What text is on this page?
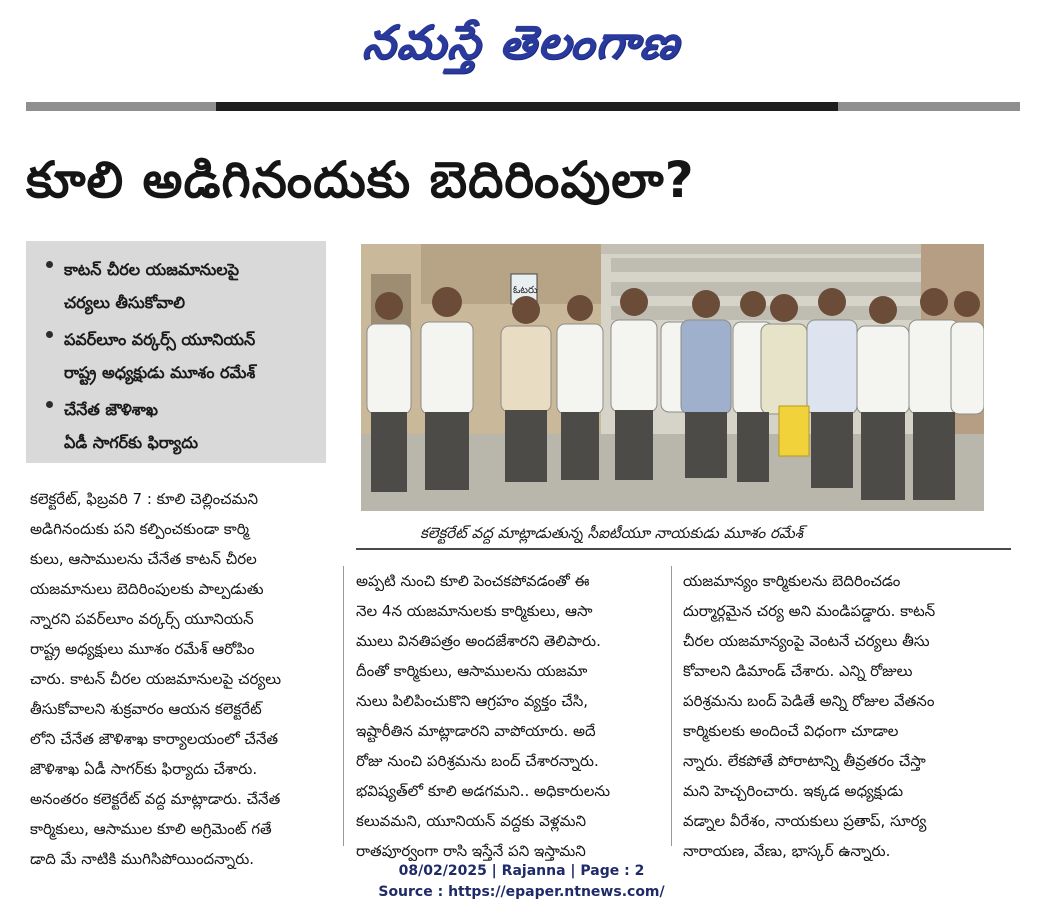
నమస్తే తెలంగాణ
కూలి అడిగినందుకు బెదిరింపులా?
కాటన్ చీరల యజమానులపై
చర్యలు తీసుకోవాలి
పవర్‌లూం వర్కర్స్ యూనియన్
రాష్ట్ర అధ్యక్షుడు మూశం రమేశ్
చేనేత జౌళిశాఖ
ఏడీ సాగర్‌కు ఫిర్యాదు
ఓటరు
కలెక్టరేట్ వద్ద మాట్లాడుతున్న సీఐటీయూ నాయకుడు మూశం రమేశ్
కలెక్టరేట్, ఫిబ్రవరి 7 : కూలి చెల్లించమని
అడిగినందుకు పని కల్పించకుండా కార్మి
కులు, ఆసాములను చేనేత కాటన్ చీరల
యజమానులు బెదిరింపులకు పాల్పడుతు
న్నారని పవర్‌లూం వర్కర్స్ యూనియన్
రాష్ట్ర అధ్యక్షులు మూశం రమేశ్ ఆరోపిం
చారు. కాటన్ చీరల యజమానులపై చర్యలు
తీసుకోవాలని శుక్రవారం ఆయన కలెక్టరేట్
లోని చేనేత జౌళిశాఖ కార్యాలయంలో చేనేత
జౌళిశాఖ ఏడీ సాగర్‌కు ఫిర్యాదు చేశారు.
అనంతరం కలెక్టరేట్ వద్ద మాట్లాడారు. చేనేత
కార్మికులు, ఆసాముల కూలి అగ్రిమెంట్ గతే
డాది మే నాటికి ముగిసిపోయిందన్నారు.
అప్పటి నుంచి కూలి పెంచకపోవడంతో ఈ
నెల 4న యజమానులకు కార్మికులు, ఆసా
ములు వినతిపత్రం అందజేశారని తెలిపారు.
దీంతో కార్మికులు, ఆసాములను యజమా
నులు పిలిపించుకొని ఆగ్రహం వ్యక్తం చేసి,
ఇష్టారీతిన మాట్లాడారని వాపోయారు. అదే
రోజు నుంచి పరిశ్రమను బంద్ చేశారన్నారు.
భవిష్యత్‌లో కూలి అడగమని.. అధికారులను
కలువమని, యూనియన్ వద్దకు వెళ్లమని
రాతపూర్వంగా రాసి ఇస్తేనే పని ఇస్తామని
యజమాన్యం కార్మికులను బెదిరించడం
దుర్మార్గమైన చర్య అని మండిపడ్డారు. కాటన్
చీరల యజమాన్యంపై వెంటనే చర్యలు తీసు
కోవాలని డిమాండ్ చేశారు. ఎన్ని రోజులు
పరిశ్రమను బంద్ పెడితే అన్ని రోజుల వేతనం
కార్మికులకు అందించే విధంగా చూడాల
న్నారు. లేకపోతే పోరాటాన్ని తీవ్రతరం చేస్తా
మని హెచ్చరించారు. ఇక్కడ అధ్యక్షుడు
వడ్నాల వీరేశం, నాయకులు ప్రతాప్, సూర్య
నారాయణ, వేణు, భాస్కర్ ఉన్నారు.
08/02/2025 | Rajanna | Page : 2
Source : https://epaper.ntnews.com/
